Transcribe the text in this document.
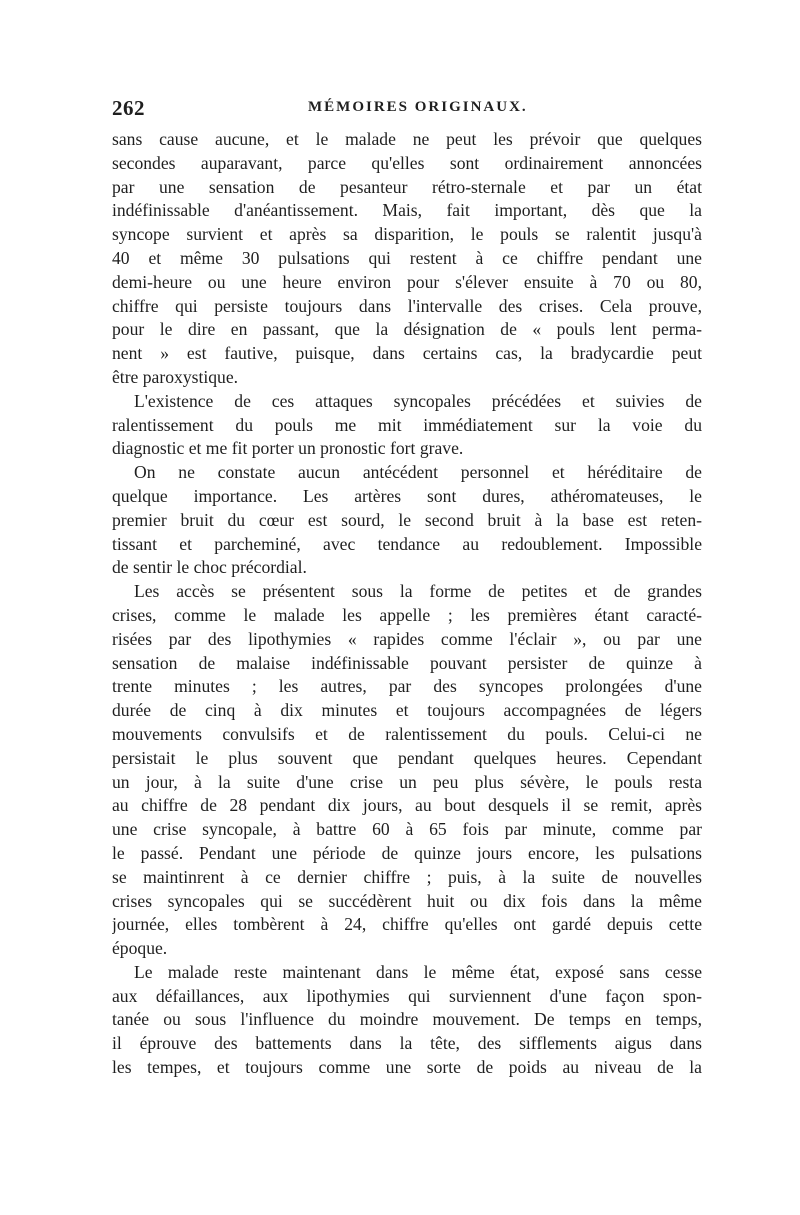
262	MÉMOIRES ORIGINAUX.
sans cause aucune, et le malade ne peut les prévoir que quelques
secondes auparavant, parce qu'elles sont ordinairement annoncées
par une sensation de pesanteur rétro-sternale et par un état
indéfinissable d'anéantissement. Mais, fait important, dès que la
syncope survient et après sa disparition, le pouls se ralentit jusqu'à
40 et même 30 pulsations qui restent à ce chiffre pendant une
demi-heure ou une heure environ pour s'élever ensuite à 70 ou 80,
chiffre qui persiste toujours dans l'intervalle des crises. Cela prouve,
pour le dire en passant, que la désignation de « pouls lent perma-
nent » est fautive, puisque, dans certains cas, la bradycardie peut
être paroxystique.
L'existence de ces attaques syncopales précédées et suivies de
ralentissement du pouls me mit immédiatement sur la voie du
diagnostic et me fit porter un pronostic fort grave.
On ne constate aucun antécédent personnel et héréditaire de
quelque importance. Les artères sont dures, athéromateuses, le
premier bruit du cœur est sourd, le second bruit à la base est reten-
tissant et parcheminé, avec tendance au redoublement. Impossible
de sentir le choc précordial.
Les accès se présentent sous la forme de petites et de grandes
crises, comme le malade les appelle ; les premières étant caracté-
risées par des lipothymies « rapides comme l'éclair », ou par une
sensation de malaise indéfinissable pouvant persister de quinze à
trente minutes ; les autres, par des syncopes prolongées d'une
durée de cinq à dix minutes et toujours accompagnées de légers
mouvements convulsifs et de ralentissement du pouls. Celui-ci ne
persistait le plus souvent que pendant quelques heures. Cependant
un jour, à la suite d'une crise un peu plus sévère, le pouls resta
au chiffre de 28 pendant dix jours, au bout desquels il se remit, après
une crise syncopale, à battre 60 à 65 fois par minute, comme par
le passé. Pendant une période de quinze jours encore, les pulsations
se maintinrent à ce dernier chiffre ; puis, à la suite de nouvelles
crises syncopales qui se succédèrent huit ou dix fois dans la même
journée, elles tombèrent à 24, chiffre qu'elles ont gardé depuis cette
époque.
Le malade reste maintenant dans le même état, exposé sans cesse
aux défaillances, aux lipothymies qui surviennent d'une façon spon-
tanée ou sous l'influence du moindre mouvement. De temps en temps,
il éprouve des battements dans la tête, des sifflements aigus dans
les tempes, et toujours comme une sorte de poids au niveau de la
